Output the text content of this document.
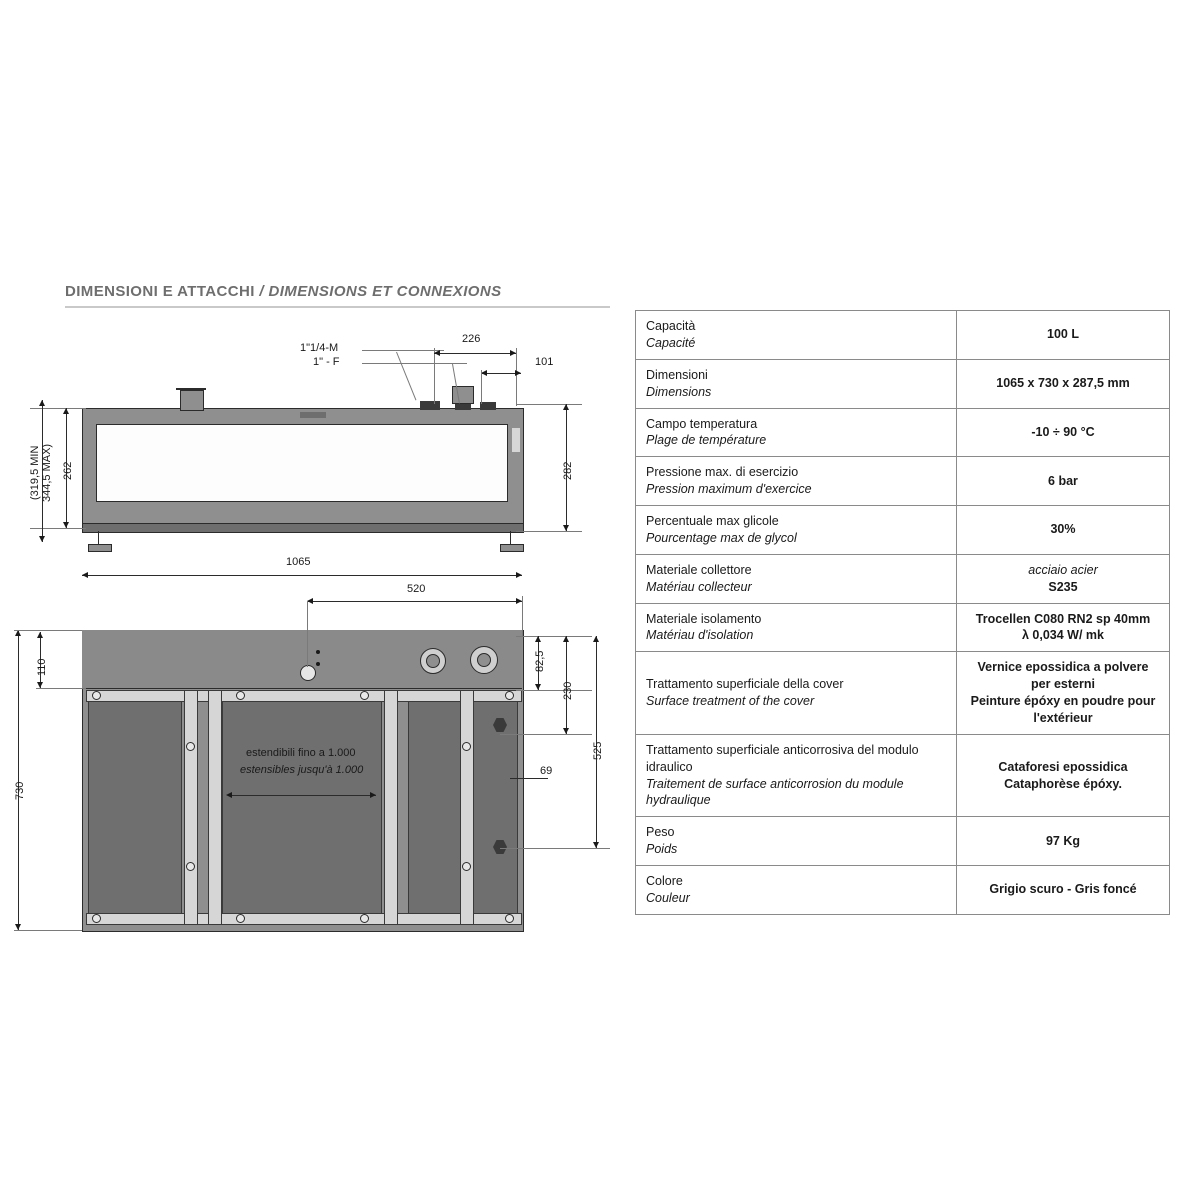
DIMENSIONI E ATTACCHI / DIMENSIONS ET CONNEXIONS
1"1/4-M
1" - F
226
101
262
(319,5 MIN 344,5 MAX)	282
1065
estendibili fino a 1.000
estensibles jusqu'à 1.000
520
110
730
82,5
230
525
69
Capacità
Capacité	100 L

Dimensioni
Dimensions	1065 x 730 x 287,5 mm

Campo temperatura
Plage de température	-10 ÷ 90 °C

Pressione max. di esercizio
Pression maximum d'exercice	6 bar

Percentuale max glicole
Pourcentage max de glycol	30%

Materiale collettore
Matériau collecteur	acciaio acier
S235

Materiale isolamento
Matériau d'isolation	Trocellen C080 RN2 sp 40mm
λ 0,034 W/ mk

Trattamento superficiale della cover
Surface treatment of the cover	Vernice epossidica a polvere per esterni
Peinture épóxy en poudre pour
l'extérieur

Trattamento superficiale anticorrosiva del modulo idraulico
Traitement de surface anticorrosion du module hydraulique	Cataforesi epossidica
Cataphorèse épóxy.

Peso
Poids	97 Kg

Colore
Couleur	Grigio scuro - Gris foncé
